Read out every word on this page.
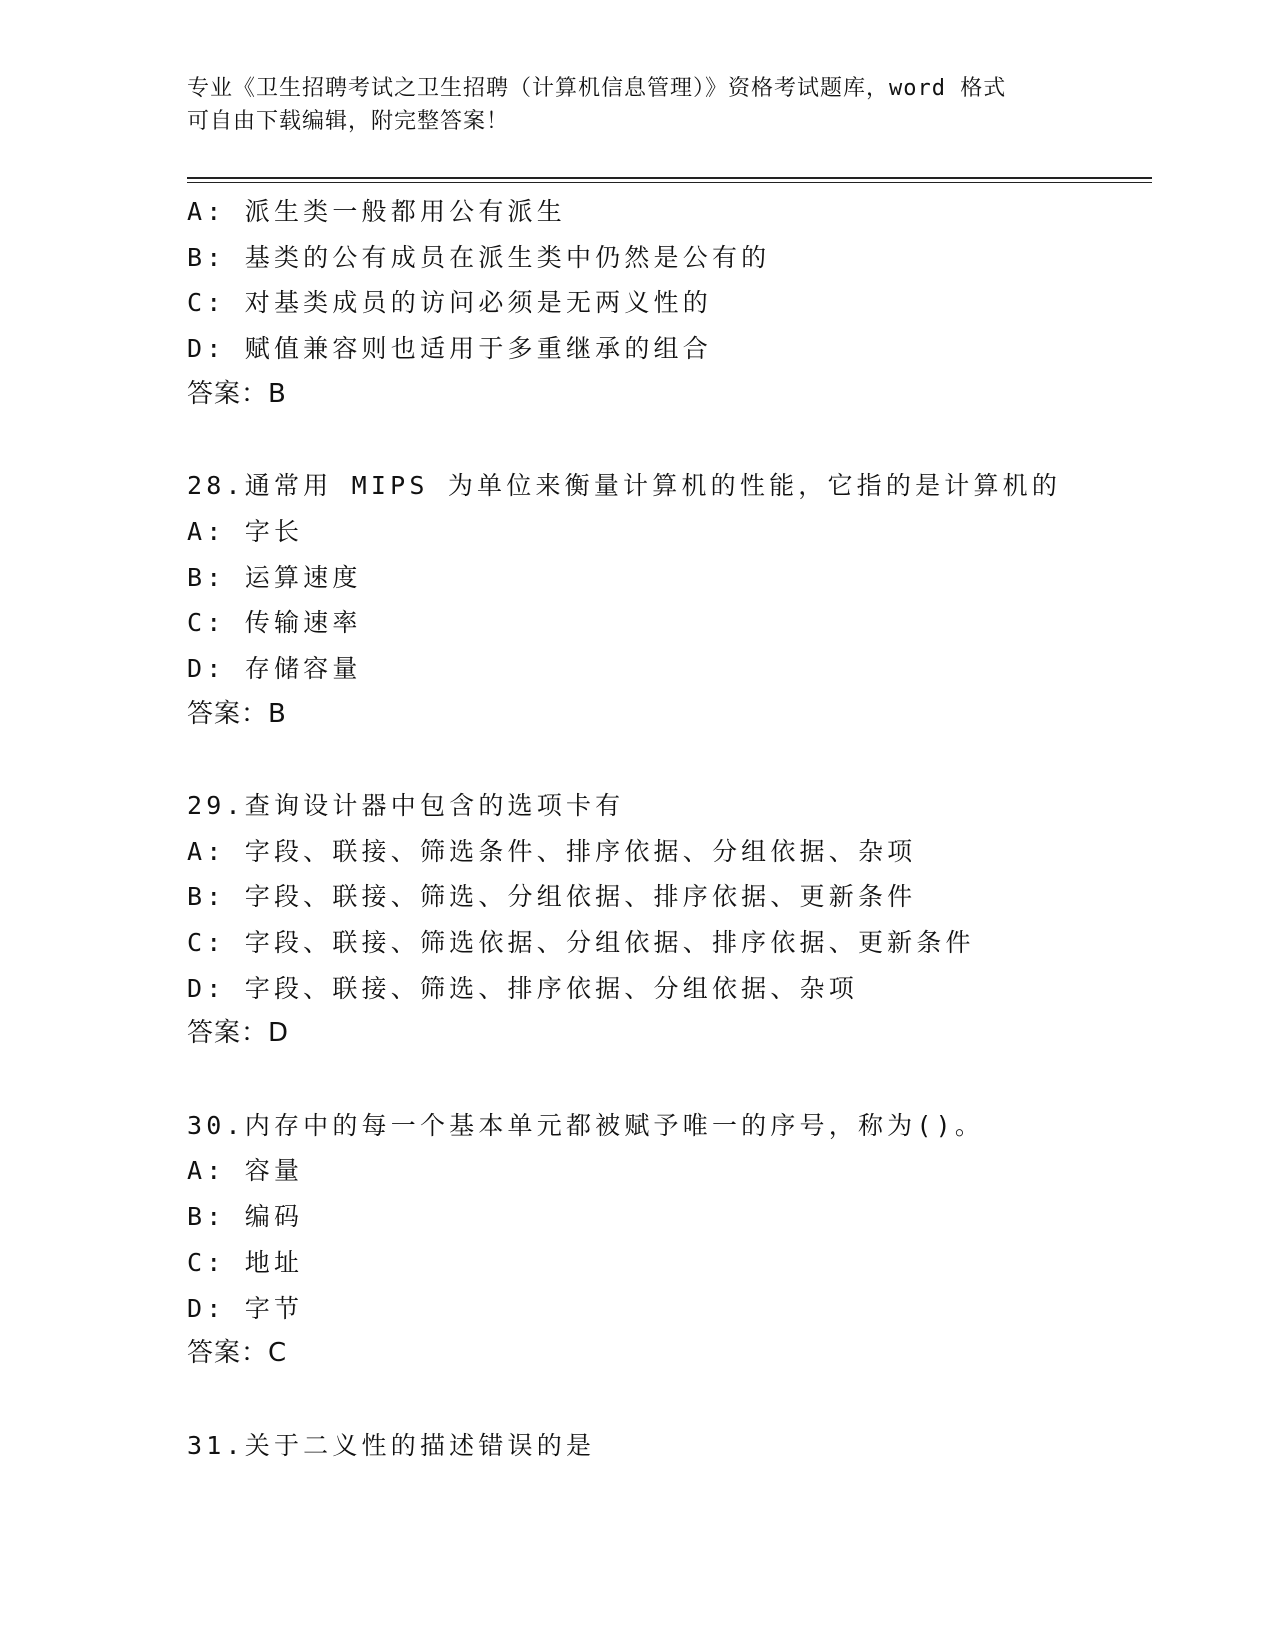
专业《卫生招聘考试之卫生招聘（计算机信息管理）》资格考试题库，word 格式
可自由下载编辑，附完整答案！
A: 派生类一般都用公有派生
B: 基类的公有成员在派生类中仍然是公有的
C: 对基类成员的访问必须是无两义性的
D: 赋值兼容则也适用于多重继承的组合
答案：B
28.通常用 MIPS 为单位来衡量计算机的性能，它指的是计算机的
A: 字长
B: 运算速度
C: 传输速率
D: 存储容量
答案：B
29.查询设计器中包含的选项卡有
A: 字段、联接、筛选条件、排序依据、分组依据、杂项
B: 字段、联接、筛选、分组依据、排序依据、更新条件
C: 字段、联接、筛选依据、分组依据、排序依据、更新条件
D: 字段、联接、筛选、排序依据、分组依据、杂项
答案：D
30.内存中的每一个基本单元都被赋予唯一的序号，称为()。
A: 容量
B: 编码
C: 地址
D: 字节
答案：C
31.关于二义性的描述错误的是
